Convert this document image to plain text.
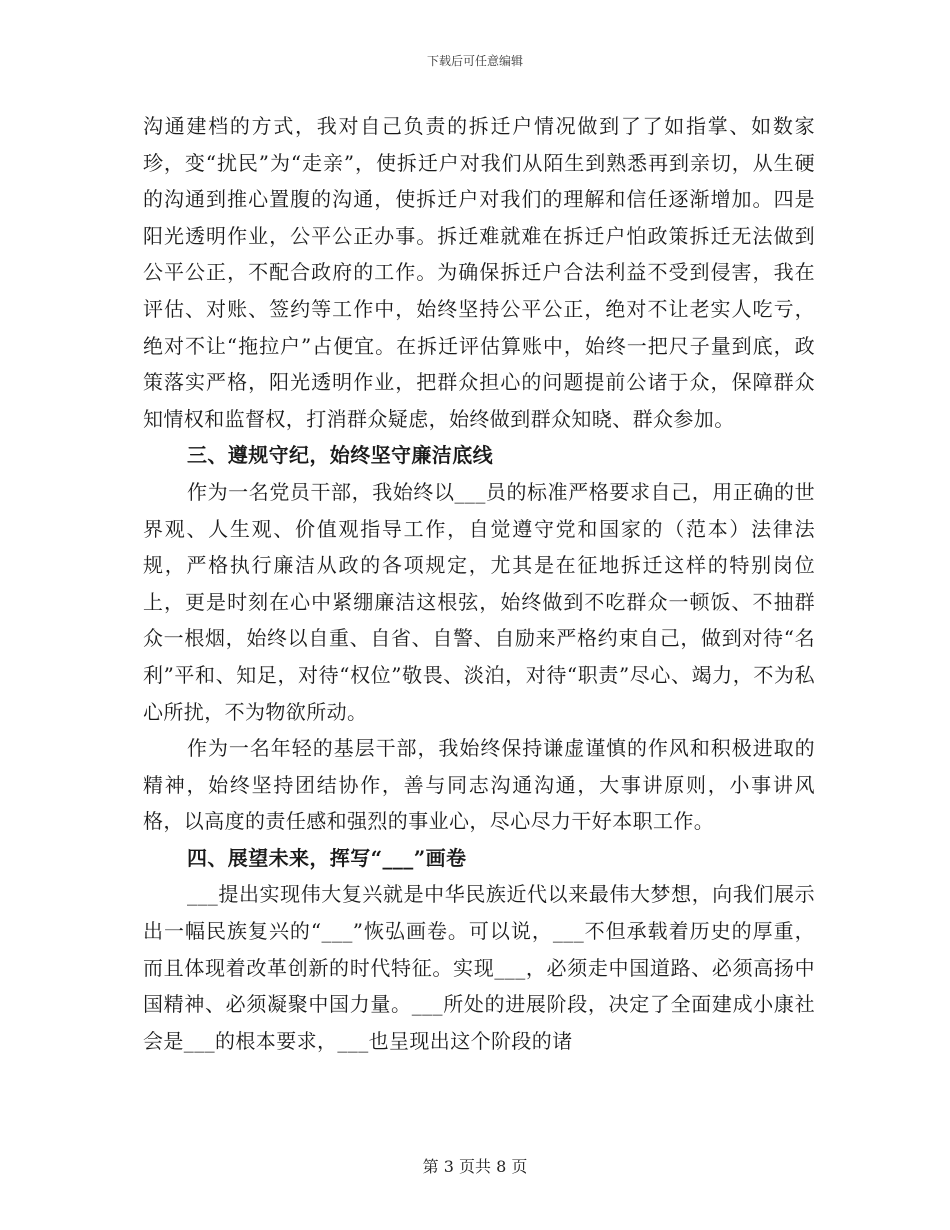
下载后可任意编辑

沟通建档的方式，我对自己负责的拆迁户情况做到了了如指掌、如数家珍，变“扰民”为“走亲”，使拆迁户对我们从陌生到熟悉再到亲切，从生硬的沟通到推心置腹的沟通，使拆迁户对我们的理解和信任逐渐增加。四是阳光透明作业，公平公正办事。拆迁难就难在拆迁户怕政策拆迁无法做到公平公正，不配合政府的工作。为确保拆迁户合法利益不受到侵害，我在评估、对账、签约等工作中，始终坚持公平公正，绝对不让老实人吃亏，绝对不让“拖拉户”占便宜。在拆迁评估算账中，始终一把尺子量到底，政策落实严格，阳光透明作业，把群众担心的问题提前公诸于众，保障群众知情权和监督权，打消群众疑虑，始终做到群众知晓、群众参加。

三、遵规守纪，始终坚守廉洁底线

作为一名党员干部，我始终以___员的标准严格要求自己，用正确的世界观、人生观、价值观指导工作，自觉遵守党和国家的（范本）法律法规，严格执行廉洁从政的各项规定，尤其是在征地拆迁这样的特别岗位上，更是时刻在心中紧绷廉洁这根弦，始终做到不吃群众一顿饭、不抽群众一根烟，始终以自重、自省、自警、自励来严格约束自己，做到对待“名利”平和、知足，对待“权位”敬畏、淡泊，对待“职责”尽心、竭力，不为私心所扰，不为物欲所动。

作为一名年轻的基层干部，我始终保持谦虚谨慎的作风和积极进取的精神，始终坚持团结协作，善与同志沟通沟通，大事讲原则，小事讲风格，以高度的责任感和强烈的事业心，尽心尽力干好本职工作。

四、展望未来，挥写“___”画卷

___提出实现伟大复兴就是中华民族近代以来最伟大梦想，向我们展示出一幅民族复兴的“___”恢弘画卷。可以说，___不但承载着历史的厚重，而且体现着改革创新的时代特征。实现___，必须走中国道路、必须高扬中国精神、必须凝聚中国力量。___所处的进展阶段，决定了全面建成小康社会是___的根本要求，___也呈现出这个阶段的诸

第 3 页共 8 页
